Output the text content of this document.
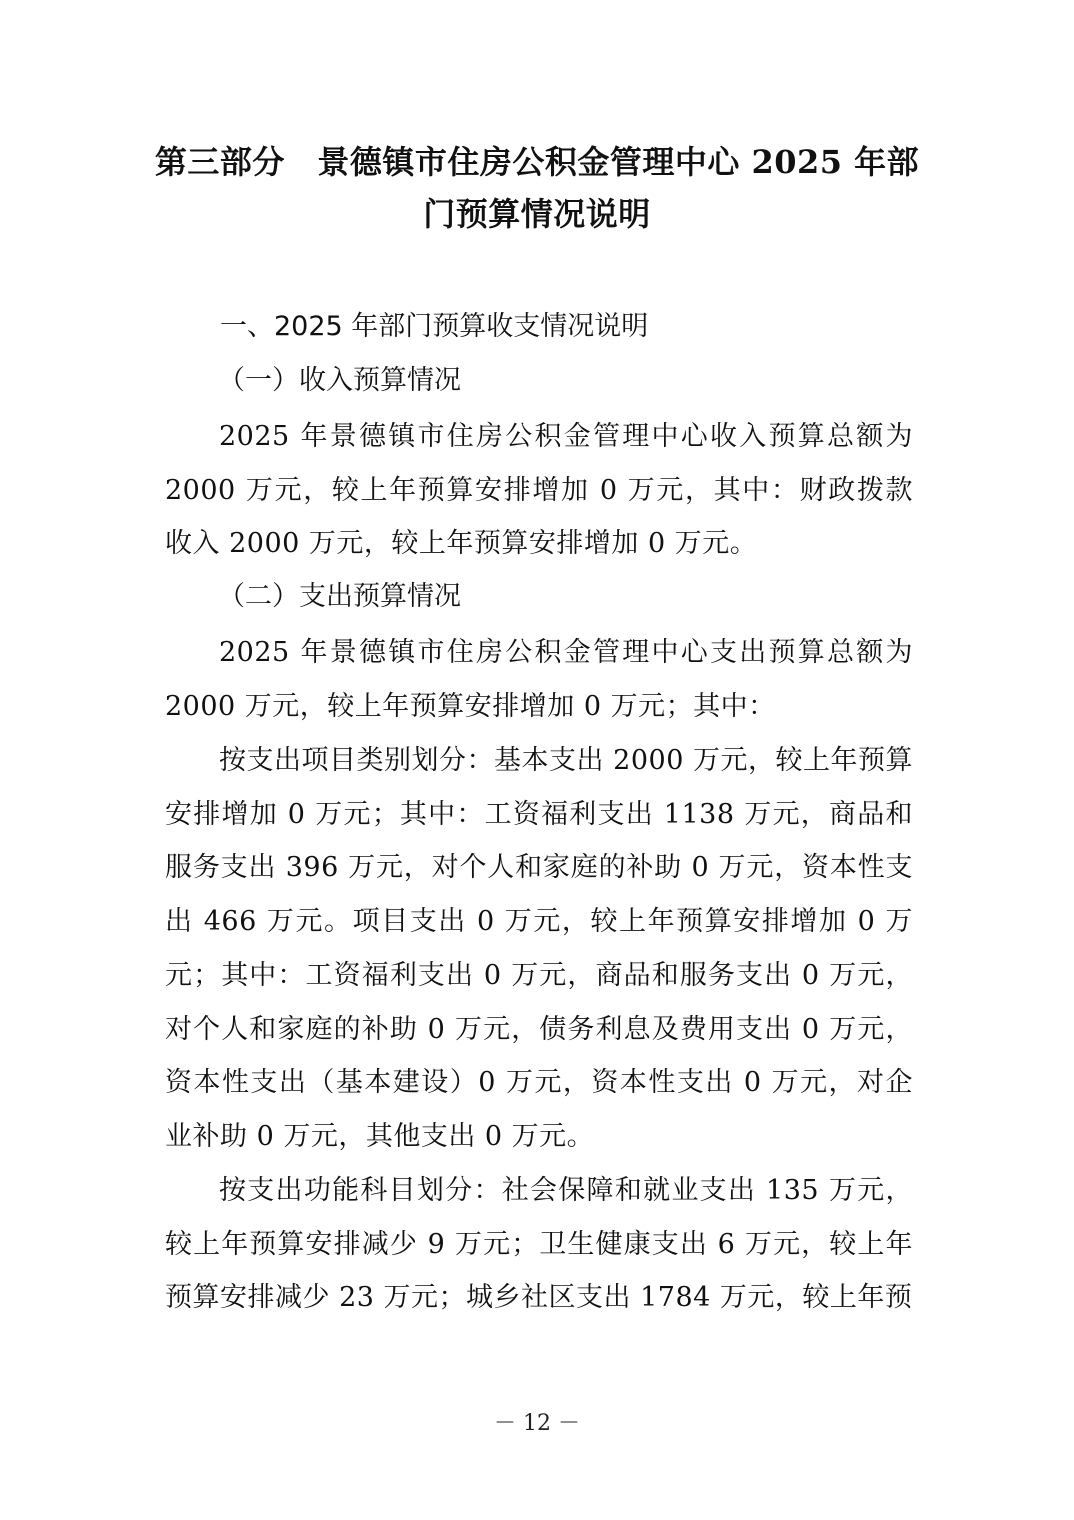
第三部分　景德镇市住房公积金管理中心 2025 年部
门预算情况说明
一、2025 年部门预算收支情况说明
（一）收入预算情况
2025 年景德镇市住房公积金管理中心收入预算总额为 2000 万元，较上年预算安排增加 0 万元，其中：财政拨款收入 2000 万元，较上年预算安排增加 0 万元。
（二）支出预算情况
2025 年景德镇市住房公积金管理中心支出预算总额为 2000 万元，较上年预算安排增加 0 万元；其中：
按支出项目类别划分：基本支出 2000 万元，较上年预算安排增加 0 万元；其中：工资福利支出 1138 万元，商品和服务支出 396 万元，对个人和家庭的补助 0 万元，资本性支出 466 万元。项目支出 0 万元，较上年预算安排增加 0 万元；其中：工资福利支出 0 万元，商品和服务支出 0 万元，对个人和家庭的补助 0 万元，债务利息及费用支出 0 万元，资本性支出（基本建设）0 万元，资本性支出 0 万元，对企业补助 0 万元，其他支出 0 万元。
按支出功能科目划分：社会保障和就业支出 135 万元，较上年预算安排减少 9 万元；卫生健康支出 6 万元，较上年预算安排减少 23 万元；城乡社区支出 1784 万元，较上年预
－ 12 －
